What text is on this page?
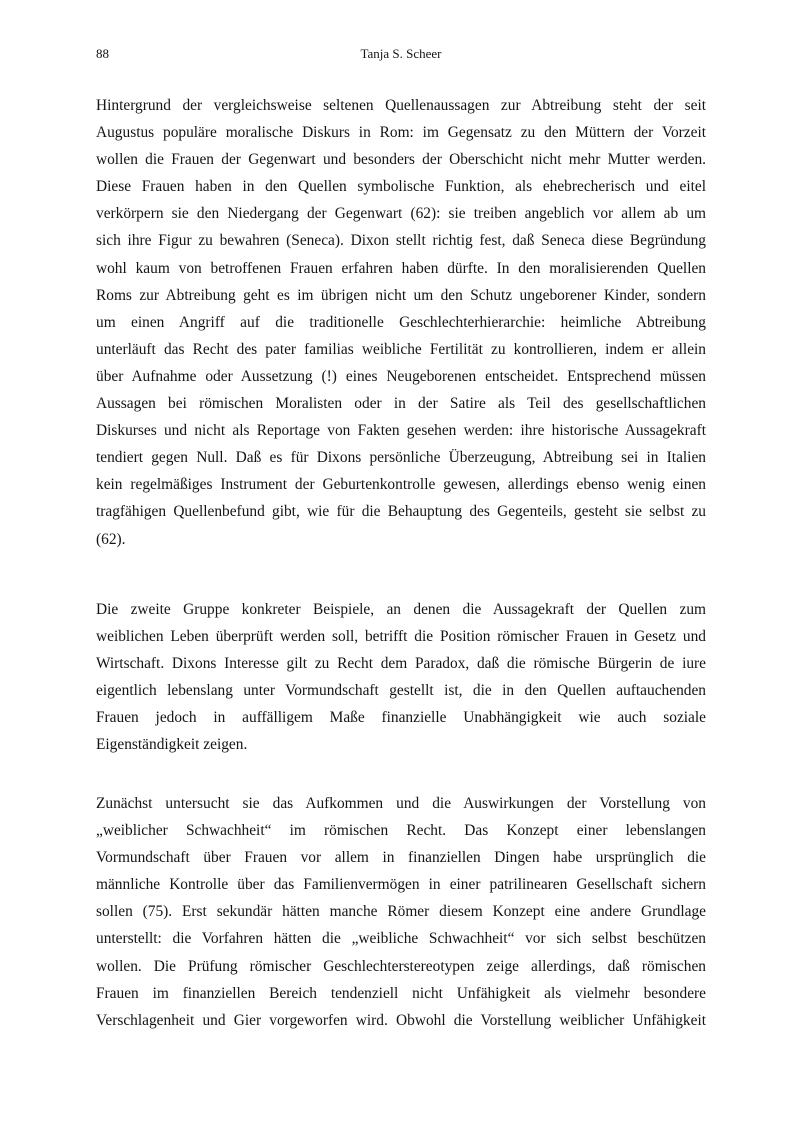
88	Tanja S. Scheer
Hintergrund der vergleichsweise seltenen Quellenaussagen zur Abtreibung steht der seit
Augustus populäre moralische Diskurs in Rom: im Gegensatz zu den Müttern der Vorzeit
wollen die Frauen der Gegenwart und besonders der Oberschicht nicht mehr Mutter werden.
Diese Frauen haben in den Quellen symbolische Funktion, als ehebrecherisch und eitel
verkörpern sie den Niedergang der Gegenwart (62): sie treiben angeblich vor allem ab um
sich ihre Figur zu bewahren (Seneca). Dixon stellt richtig fest, daß Seneca diese Begründung
wohl kaum von betroffenen Frauen erfahren haben dürfte. In den moralisierenden Quellen
Roms zur Abtreibung geht es im übrigen nicht um den Schutz ungeborener Kinder, sondern
um einen Angriff auf die traditionelle Geschlechterhierarchie: heimliche Abtreibung
unterläuft das Recht des pater familias weibliche Fertilität zu kontrollieren, indem er allein
über Aufnahme oder Aussetzung (!) eines Neugeborenen entscheidet. Entsprechend müssen
Aussagen bei römischen Moralisten oder in der Satire als Teil des gesellschaftlichen
Diskurses und nicht als Reportage von Fakten gesehen werden: ihre historische Aussagekraft
tendiert gegen Null. Daß es für Dixons persönliche Überzeugung, Abtreibung sei in Italien
kein regelmäßiges Instrument der Geburtenkontrolle gewesen, allerdings ebenso wenig einen
tragfähigen Quellenbefund gibt, wie für die Behauptung des Gegenteils, gesteht sie selbst zu
(62).
Die zweite Gruppe konkreter Beispiele, an denen die Aussagekraft der Quellen zum
weiblichen Leben überprüft werden soll, betrifft die Position römischer Frauen in Gesetz und
Wirtschaft. Dixons Interesse gilt zu Recht dem Paradox, daß die römische Bürgerin de iure
eigentlich lebenslang unter Vormundschaft gestellt ist, die in den Quellen auftauchenden
Frauen jedoch in auffälligem Maße finanzielle Unabhängigkeit wie auch soziale
Eigenständigkeit zeigen.
Zunächst untersucht sie das Aufkommen und die Auswirkungen der Vorstellung von
„weiblicher Schwachheit“ im römischen Recht. Das Konzept einer lebenslangen
Vormundschaft über Frauen vor allem in finanziellen Dingen habe ursprünglich die
männliche Kontrolle über das Familienvermögen in einer patrilinearen Gesellschaft sichern
sollen (75). Erst sekundär hätten manche Römer diesem Konzept eine andere Grundlage
unterstellt: die Vorfahren hätten die „weibliche Schwachheit“ vor sich selbst beschützen
wollen. Die Prüfung römischer Geschlechterstereotypen zeige allerdings, daß römischen
Frauen im finanziellen Bereich tendenziell nicht Unfähigkeit als vielmehr besondere
Verschlagenheit und Gier vorgeworfen wird. Obwohl die Vorstellung weiblicher Unfähigkeit
